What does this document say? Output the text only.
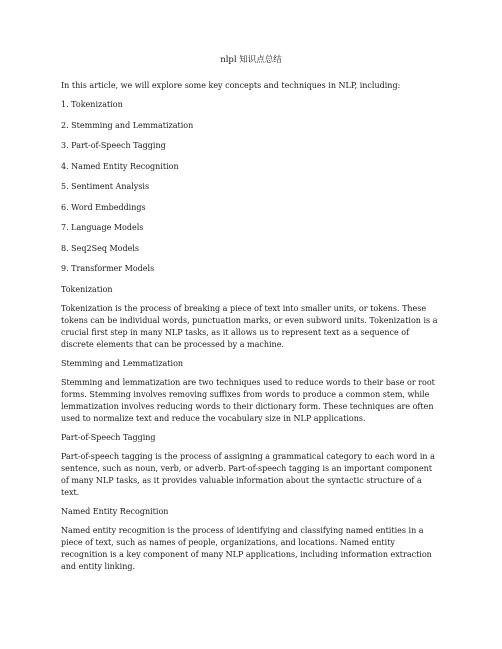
nlpl 知识点总结

In this article, we will explore some key concepts and techniques in NLP, including:

1. Tokenization
2. Stemming and Lemmatization
3. Part-of-Speech Tagging
4. Named Entity Recognition
5. Sentiment Analysis
6. Word Embeddings
7. Language Models
8. Seq2Seq Models
9. Transformer Models

Tokenization

Tokenization is the process of breaking a piece of text into smaller units, or tokens. These tokens can be individual words, punctuation marks, or even subword units. Tokenization is a crucial first step in many NLP tasks, as it allows us to represent text as a sequence of discrete elements that can be processed by a machine.

Stemming and Lemmatization

Stemming and lemmatization are two techniques used to reduce words to their base or root forms. Stemming involves removing suffixes from words to produce a common stem, while lemmatization involves reducing words to their dictionary form. These techniques are often used to normalize text and reduce the vocabulary size in NLP applications.

Part-of-Speech Tagging

Part-of-speech tagging is the process of assigning a grammatical category to each word in a sentence, such as noun, verb, or adverb. Part-of-speech tagging is an important component of many NLP tasks, as it provides valuable information about the syntactic structure of a text.

Named Entity Recognition

Named entity recognition is the process of identifying and classifying named entities in a piece of text, such as names of people, organizations, and locations. Named entity recognition is a key component of many NLP applications, including information extraction and entity linking.
